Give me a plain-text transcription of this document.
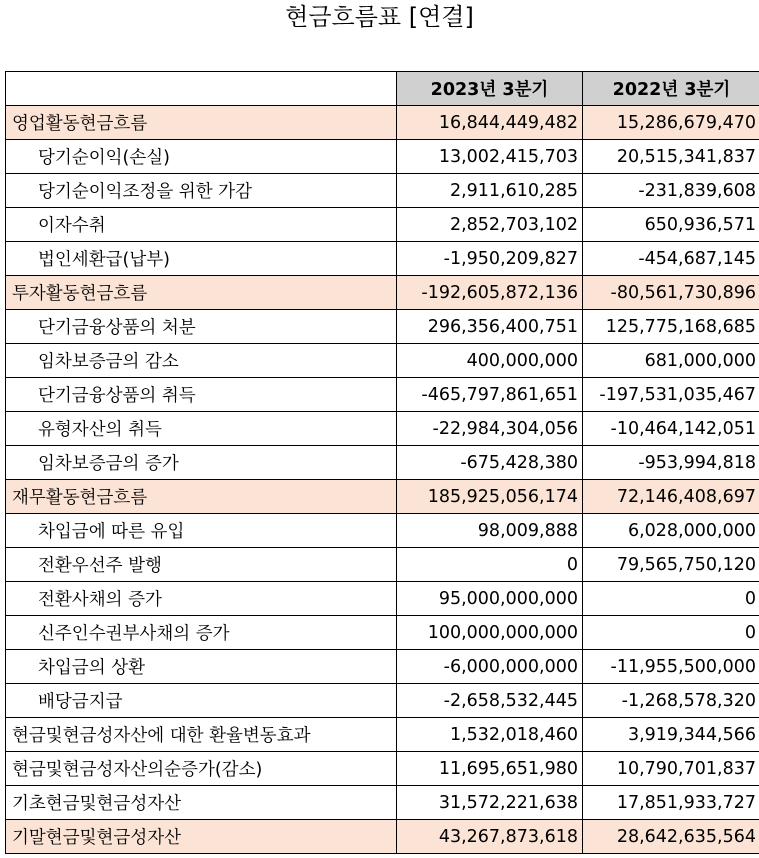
현금흐름표 [연결]
	2023년 3분기	2022년 3분기
영업활동현금흐름	16,844,449,482	15,286,679,470
당기순이익(손실)	13,002,415,703	20,515,341,837
당기순이익조정을 위한 가감	2,911,610,285	-231,839,608
이자수취	2,852,703,102	650,936,571
법인세환급(납부)	-1,950,209,827	-454,687,145
투자활동현금흐름	-192,605,872,136	-80,561,730,896
단기금융상품의 처분	296,356,400,751	125,775,168,685
임차보증금의 감소	400,000,000	681,000,000
단기금융상품의 취득	-465,797,861,651	-197,531,035,467
유형자산의 취득	-22,984,304,056	-10,464,142,051
임차보증금의 증가	-675,428,380	-953,994,818
재무활동현금흐름	185,925,056,174	72,146,408,697
차입금에 따른 유입	98,009,888	6,028,000,000
전환우선주 발행	0	79,565,750,120
전환사채의 증가	95,000,000,000	0
신주인수권부사채의 증가	100,000,000,000	0
차입금의 상환	-6,000,000,000	-11,955,500,000
배당금지급	-2,658,532,445	-1,268,578,320
현금및현금성자산에 대한 환율변동효과	1,532,018,460	3,919,344,566
현금및현금성자산의순증가(감소)	11,695,651,980	10,790,701,837
기초현금및현금성자산	31,572,221,638	17,851,933,727
기말현금및현금성자산	43,267,873,618	28,642,635,564
